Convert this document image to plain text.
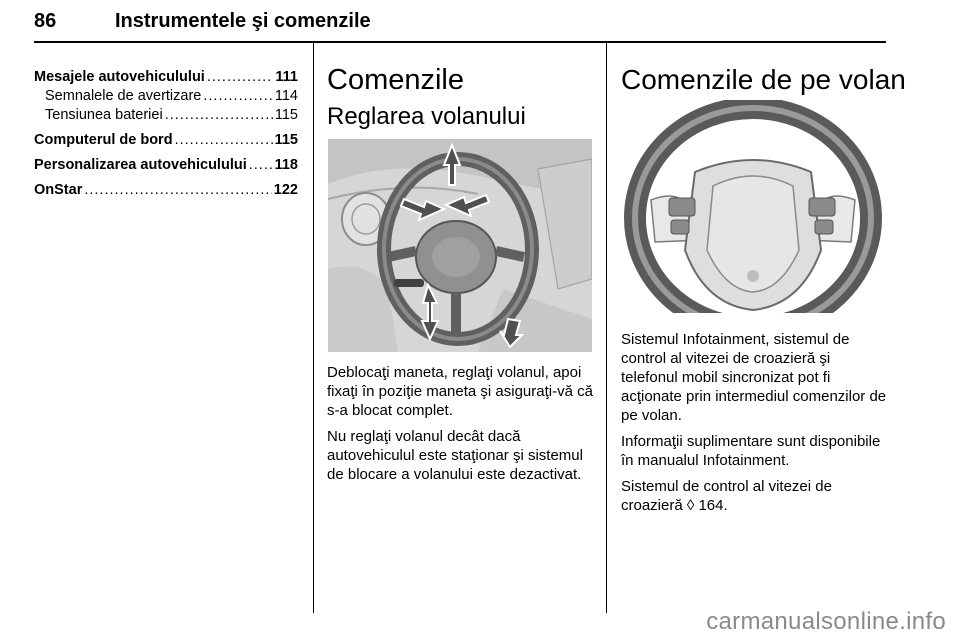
86	Instrumentele şi comenzile
Mesajele autovehiculului .....	111
Semnalele de avertizare .....	114
Tensiunea bateriei .....	115
Computerul de bord .....	115
Personalizarea autovehiculului ..... 118
OnStar .....	122
Comenzile
Reglarea volanului

Deblocaţi maneta, reglaţi volanul, apoi fixaţi în poziţie maneta şi asiguraţi-vă că s-a blocat complet.

Nu reglaţi volanul decât dacă autovehiculul este staţionar şi sistemul de blocare a volanului este dezactivat.

Comenzile de pe volan

Sistemul Infotainment, sistemul de control al vitezei de croazieră şi telefonul mobil sincronizat pot fi acţionate prin intermediul comenzilor de pe volan.

Informaţii suplimentare sunt disponibile în manualul Infotainment.

Sistemul de control al vitezei de croazieră ◊ 164.

carmanualsonline.info
